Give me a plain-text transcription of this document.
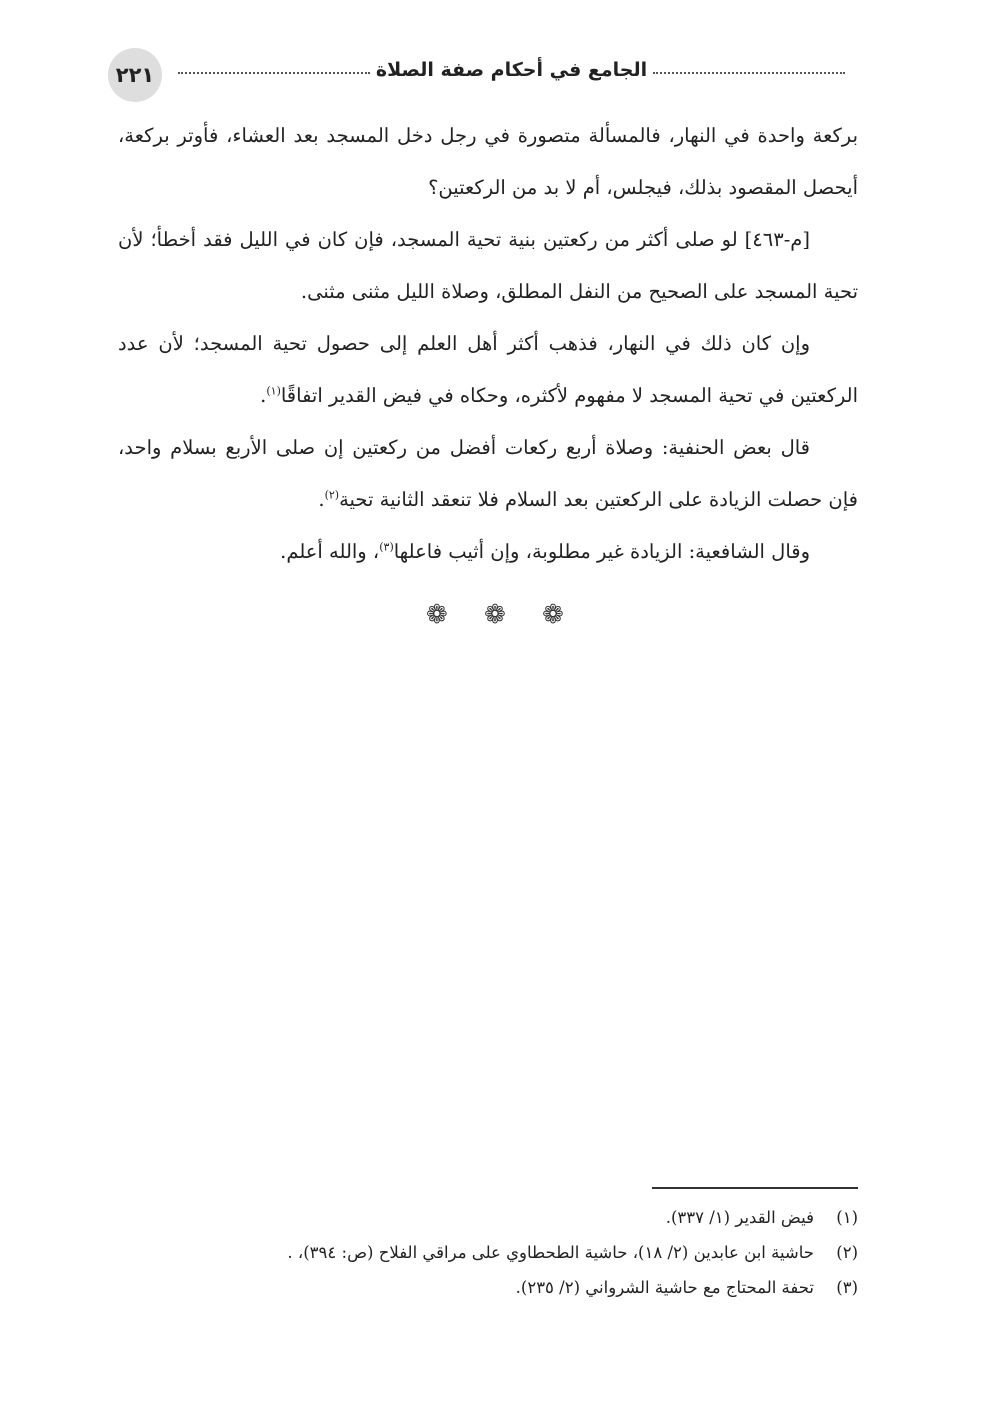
٢٢١	الجامع في أحكام صفة الصلاة

بركعة واحدة في النهار، فالمسألة متصورة في رجل دخل المسجد بعد العشاء، فأوتر بركعة، أيحصل المقصود بذلك، فيجلس، أم لا بد من الركعتين؟

[م-٤٦٣] لو صلى أكثر من ركعتين بنية تحية المسجد، فإن كان في الليل فقد أخطأ؛ لأن تحية المسجد على الصحيح من النفل المطلق، وصلاة الليل مثنى مثنى.

وإن كان ذلك في النهار، فذهب أكثر أهل العلم إلى حصول تحية المسجد؛ لأن عدد الركعتين في تحية المسجد لا مفهوم لأكثره، وحكاه في فيض القدير اتفاقًا$^{(١)}$.

قال بعض الحنفية: وصلاة أربع ركعات أفضل من ركعتين إن صلى الأربع بسلام واحد، فإن حصلت الزيادة على الركعتين بعد السلام فلا تنعقد الثانية تحية$^{(٢)}$.

وقال الشافعية: الزيادة غير مطلوبة، وإن أثيب فاعلها$^{(٣)}$، والله أعلم.

❁ ❁ ❁
(١)
فيض القدير (١/ ٣٣٧).
(٢)
حاشية ابن عابدين (٢/ ١٨)، حاشية الطحطاوي على مراقي الفلاح (ص: ٣٩٤)، .
(٣)
تحفة المحتاج مع حاشية الشرواني (٢/ ٢٣٥).
